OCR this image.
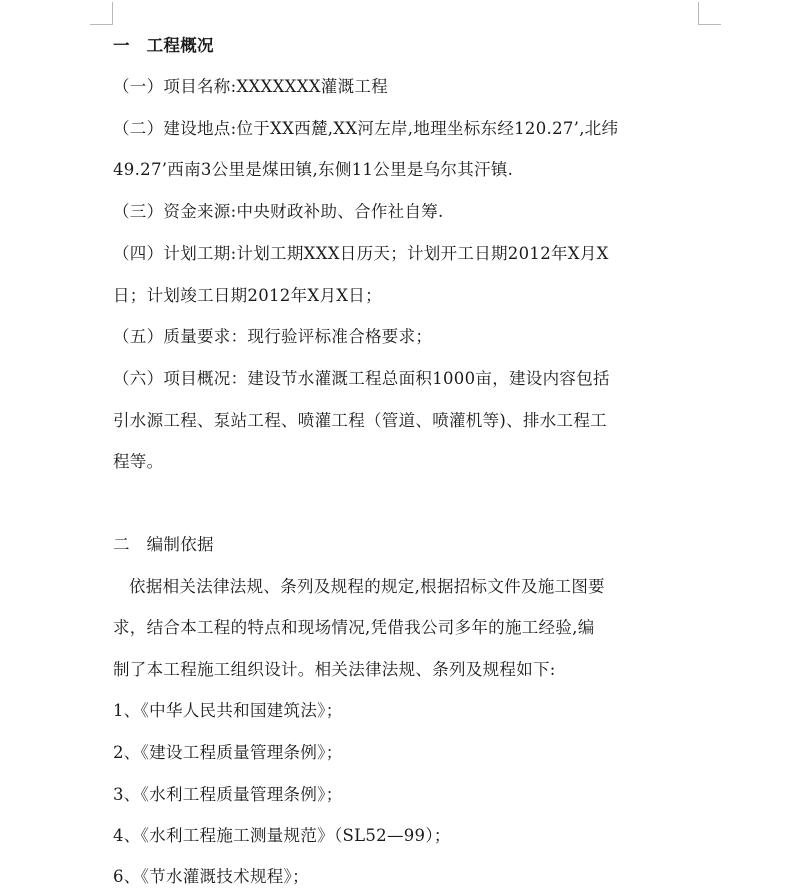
一　工程概况
（一）项目名称:XXXXXXX灌溉工程
（二）建设地点:位于XX西麓,XX河左岸,地理坐标东经120.27’,北纬
49.27’西南3公里是煤田镇,东侧11公里是乌尔其汗镇.
（三）资金来源:中央财政补助、合作社自筹.
（四）计划工期:计划工期XXX日历天；计划开工日期2012年X月X
日；计划竣工日期2012年X月X日；
（五）质量要求：现行验评标准合格要求；
（六）项目概况：建设节水灌溉工程总面积1000亩，建设内容包括
引水源工程、泵站工程、喷灌工程（管道、喷灌机等)、排水工程工
程等。
二　编制依据
依据相关法律法规、条列及规程的规定,根据招标文件及施工图要
求，结合本工程的特点和现场情况,凭借我公司多年的施工经验,编
制了本工程施工组织设计。相关法律法规、条列及规程如下:
1、《中华人民共和国建筑法》；
2、《建设工程质量管理条例》；
3、《水利工程质量管理条例》；
4、《水利工程施工测量规范》（SL52—99）；
6、《节水灌溉技术规程》；
